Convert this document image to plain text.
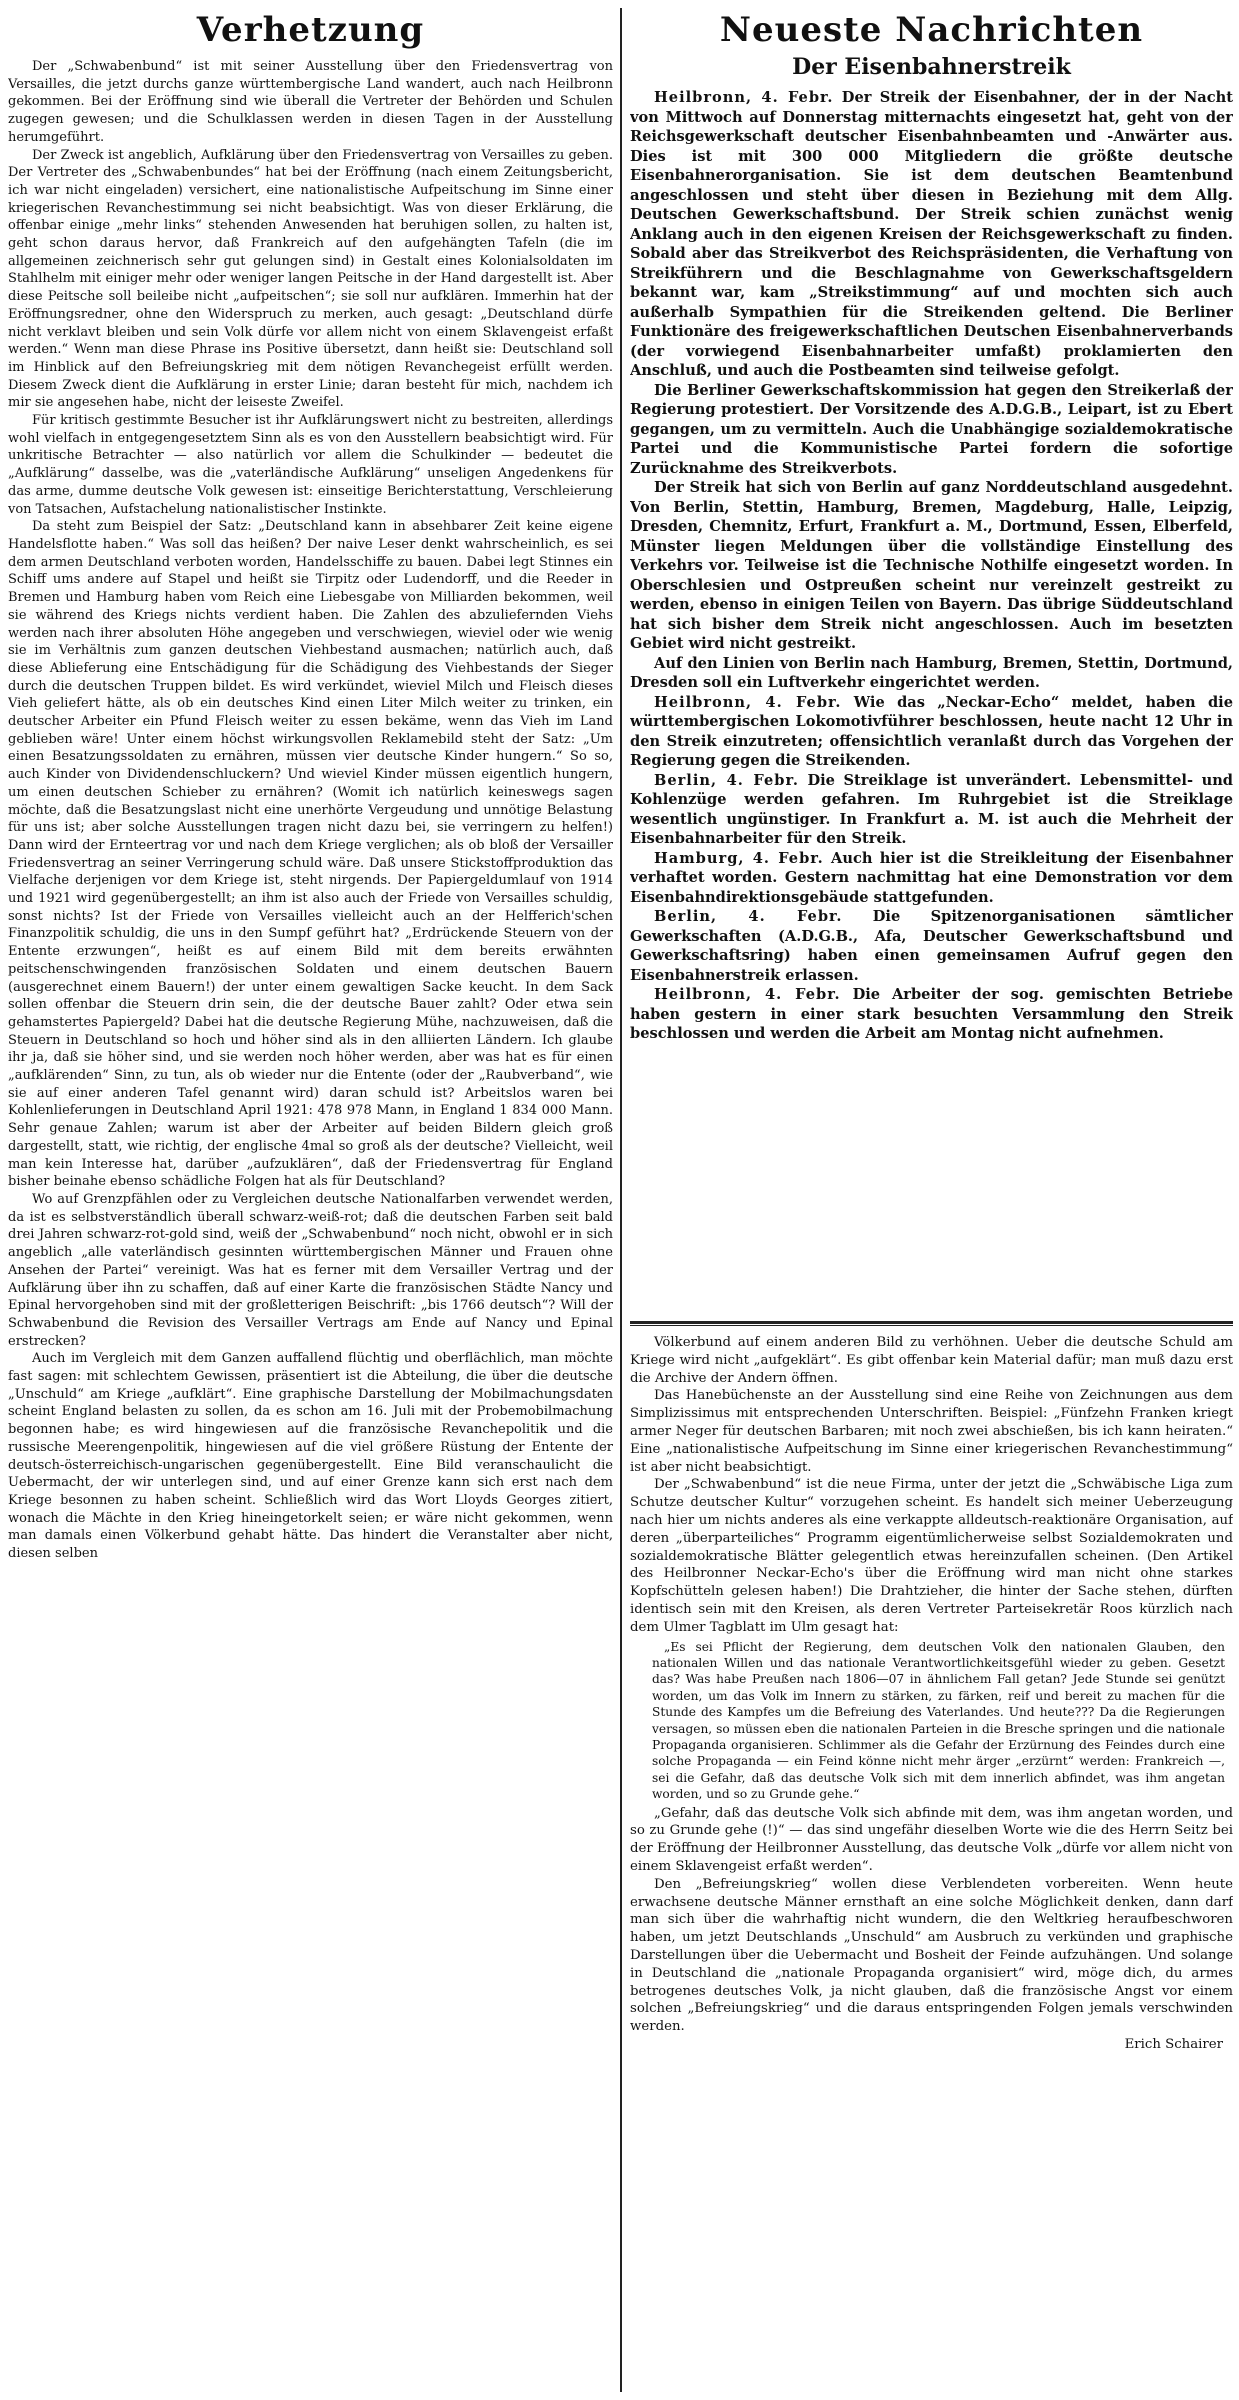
Verhetzung

Der „Schwabenbund“ ist mit seiner Ausstellung über den Friedensvertrag von Versailles, die jetzt durchs ganze württembergische Land wandert, auch nach Heilbronn gekommen. Bei der Eröffnung sind wie überall die Vertreter der Behörden und Schulen zugegen gewesen; und die Schulklassen werden in diesen Tagen in der Ausstellung herumgeführt.

Der Zweck ist angeblich, Aufklärung über den Friedensvertrag von Versailles zu geben. Der Vertreter des „Schwabenbundes“ hat bei der Eröffnung (nach einem Zeitungsbericht, ich war nicht eingeladen) versichert, eine nationalistische Aufpeitschung im Sinne einer kriegerischen Revanchestimmung sei nicht beabsichtigt. Was von dieser Erklärung, die offenbar einige „mehr links“ stehenden Anwesenden hat beruhigen sollen, zu halten ist, geht schon daraus hervor, daß Frankreich auf den aufgehängten Tafeln (die im allgemeinen zeichnerisch sehr gut gelungen sind) in Gestalt eines Kolonialsoldaten im Stahlhelm mit einiger mehr oder weniger langen Peitsche in der Hand dargestellt ist. Aber diese Peitsche soll beileibe nicht „aufpeitschen“; sie soll nur aufklären. Immerhin hat der Eröffnungsredner, ohne den Widerspruch zu merken, auch gesagt: „Deutschland dürfe nicht verklavt bleiben und sein Volk dürfe vor allem nicht von einem Sklavengeist erfaßt werden.“ Wenn man diese Phrase ins Positive übersetzt, dann heißt sie: Deutschland soll im Hinblick auf den Befreiungskrieg mit dem nötigen Revanchegeist erfüllt werden. Diesem Zweck dient die Aufklärung in erster Linie; daran besteht für mich, nachdem ich mir sie angesehen habe, nicht der leiseste Zweifel.

Für kritisch gestimmte Besucher ist ihr Aufklärungswert nicht zu bestreiten, allerdings wohl vielfach in entgegengesetztem Sinn als es von den Ausstellern beabsichtigt wird. Für unkritische Betrachter — also natürlich vor allem die Schulkinder — bedeutet die „Aufklärung“ dasselbe, was die „vaterländische Aufklärung“ unseligen Angedenkens für das arme, dumme deutsche Volk gewesen ist: einseitige Berichterstattung, Verschleierung von Tatsachen, Aufstachelung nationalistischer Instinkte.

Da steht zum Beispiel der Satz: „Deutschland kann in absehbarer Zeit keine eigene Handelsflotte haben.“ Was soll das heißen? Der naive Leser denkt wahrscheinlich, es sei dem armen Deutschland verboten worden, Handelsschiffe zu bauen. Dabei legt Stinnes ein Schiff ums andere auf Stapel und heißt sie Tirpitz oder Ludendorff, und die Reeder in Bremen und Hamburg haben vom Reich eine Liebesgabe von Milliarden bekommen, weil sie während des Kriegs nichts verdient haben. Die Zahlen des abzuliefernden Viehs werden nach ihrer absoluten Höhe angegeben und verschwiegen, wieviel oder wie wenig sie im Verhältnis zum ganzen deutschen Viehbestand ausmachen; natürlich auch, daß diese Ablieferung eine Entschädigung für die Schädigung des Viehbestands der Sieger durch die deutschen Truppen bildet. Es wird verkündet, wieviel Milch und Fleisch dieses Vieh geliefert hätte, als ob ein deutsches Kind einen Liter Milch weiter zu trinken, ein deutscher Arbeiter ein Pfund Fleisch weiter zu essen bekäme, wenn das Vieh im Land geblieben wäre! Unter einem höchst wirkungsvollen Reklamebild steht der Satz: „Um einen Besatzungssoldaten zu ernähren, müssen vier deutsche Kinder hungern.“ So so, auch Kinder von Dividendenschluckern? Und wieviel Kinder müssen eigentlich hungern, um einen deutschen Schieber zu ernähren? (Womit ich natürlich keineswegs sagen möchte, daß die Besatzungslast nicht eine unerhörte Vergeudung und unnötige Belastung für uns ist; aber solche Ausstellungen tragen nicht dazu bei, sie verringern zu helfen!) Dann wird der Ernteertrag vor und nach dem Kriege verglichen; als ob bloß der Versailler Friedensvertrag an seiner Verringerung schuld wäre. Daß unsere Stickstoffproduktion das Vielfache derjenigen vor dem Kriege ist, steht nirgends. Der Papiergeldumlauf von 1914 und 1921 wird gegenübergestellt; an ihm ist also auch der Friede von Versailles schuldig, sonst nichts? Ist der Friede von Versailles vielleicht auch an der Helfferich'schen Finanzpolitik schuldig, die uns in den Sumpf geführt hat? „Erdrückende Steuern von der Entente erzwungen“, heißt es auf einem Bild mit dem bereits erwähnten peitschenschwingenden französischen Soldaten und einem deutschen Bauern (ausgerechnet einem Bauern!) der unter einem gewaltigen Sacke keucht. In dem Sack sollen offenbar die Steuern drin sein, die der deutsche Bauer zahlt? Oder etwa sein gehamstertes Papiergeld? Dabei hat die deutsche Regierung Mühe, nachzuweisen, daß die Steuern in Deutschland so hoch und höher sind als in den alliierten Ländern. Ich glaube ihr ja, daß sie höher sind, und sie werden noch höher werden, aber was hat es für einen „aufklärenden“ Sinn, zu tun, als ob wieder nur die Entente (oder der „Raubverband“, wie sie auf einer anderen Tafel genannt wird) daran schuld ist? Arbeitslos waren bei Kohlenlieferungen in Deutschland April 1921: 478 978 Mann, in England 1 834 000 Mann. Sehr genaue Zahlen; warum ist aber der Arbeiter auf beiden Bildern gleich groß dargestellt, statt, wie richtig, der englische 4mal so groß als der deutsche? Vielleicht, weil man kein Interesse hat, darüber „aufzuklären“, daß der Friedensvertrag für England bisher beinahe ebenso schädliche Folgen hat als für Deutschland?

Wo auf Grenzpfählen oder zu Vergleichen deutsche Nationalfarben verwendet werden, da ist es selbstverständlich überall schwarz-weiß-rot; daß die deutschen Farben seit bald drei Jahren schwarz-rot-gold sind, weiß der „Schwabenbund“ noch nicht, obwohl er in sich angeblich „alle vaterländisch gesinnten württembergischen Männer und Frauen ohne Ansehen der Partei“ vereinigt. Was hat es ferner mit dem Versailler Vertrag und der Aufklärung über ihn zu schaffen, daß auf einer Karte die französischen Städte Nancy und Epinal hervorgehoben sind mit der großletterigen Beischrift: „bis 1766 deutsch“? Will der Schwabenbund die Revision des Versailler Vertrags am Ende auf Nancy und Epinal erstrecken?

Auch im Vergleich mit dem Ganzen auffallend flüchtig und oberflächlich, man möchte fast sagen: mit schlechtem Gewissen, präsentiert ist die Abteilung, die über die deutsche „Unschuld“ am Kriege „aufklärt“. Eine graphische Darstellung der Mobilmachungsdaten scheint England belasten zu sollen, da es schon am 16. Juli mit der Probemobilmachung begonnen habe; es wird hingewiesen auf die französische Revanchepolitik und die russische Meerengenpolitik, hingewiesen auf die viel größere Rüstung der Entente der deutsch-österreichisch-ungarischen gegenübergestellt. Eine Bild veranschaulicht die Uebermacht, der wir unterlegen sind, und auf einer Grenze kann sich erst nach dem Kriege besonnen zu haben scheint. Schließlich wird das Wort Lloyds Georges zitiert, wonach die Mächte in den Krieg hineingetorkelt seien; er wäre nicht gekommen, wenn man damals einen Völkerbund gehabt hätte. Das hindert die Veranstalter aber nicht, diesen selben

Neueste Nachrichten
Der Eisenbahnerstreik

Heilbronn, 4. Febr. Der Streik der Eisenbahner, der in der Nacht von Mittwoch auf Donnerstag mitternachts eingesetzt hat, geht von der Reichsgewerkschaft deutscher Eisenbahnbeamten und -Anwärter aus. Dies ist mit 300 000 Mitgliedern die größte deutsche Eisenbahnerorganisation. Sie ist dem deutschen Beamtenbund angeschlossen und steht über diesen in Beziehung mit dem Allg. Deutschen Gewerkschaftsbund. Der Streik schien zunächst wenig Anklang auch in den eigenen Kreisen der Reichsgewerkschaft zu finden. Sobald aber das Streikverbot des Reichspräsidenten, die Verhaftung von Streikführern und die Beschlagnahme von Gewerkschaftsgeldern bekannt war, kam „Streikstimmung“ auf und mochten sich auch außerhalb Sympathien für die Streikenden geltend. Die Berliner Funktionäre des freigewerkschaftlichen Deutschen Eisenbahnerverbands (der vorwiegend Eisenbahnarbeiter umfaßt) proklamierten den Anschluß, und auch die Postbeamten sind teilweise gefolgt.

Die Berliner Gewerkschaftskommission hat gegen den Streikerlaß der Regierung protestiert. Der Vorsitzende des A.D.G.B., Leipart, ist zu Ebert gegangen, um zu vermitteln. Auch die Unabhängige sozialdemokratische Partei und die Kommunistische Partei fordern die sofortige Zurücknahme des Streikverbots.

Der Streik hat sich von Berlin auf ganz Norddeutschland ausgedehnt. Von Berlin, Stettin, Hamburg, Bremen, Magdeburg, Halle, Leipzig, Dresden, Chemnitz, Erfurt, Frankfurt a. M., Dortmund, Essen, Elberfeld, Münster liegen Meldungen über die vollständige Einstellung des Verkehrs vor. Teilweise ist die Technische Nothilfe eingesetzt worden. In Oberschlesien und Ostpreußen scheint nur vereinzelt gestreikt zu werden, ebenso in einigen Teilen von Bayern. Das übrige Süddeutschland hat sich bisher dem Streik nicht angeschlossen. Auch im besetzten Gebiet wird nicht gestreikt.

Auf den Linien von Berlin nach Hamburg, Bremen, Stettin, Dortmund, Dresden soll ein Luftverkehr eingerichtet werden.

Heilbronn, 4. Febr. Wie das „Neckar-Echo“ meldet, haben die württembergischen Lokomotivführer beschlossen, heute nacht 12 Uhr in den Streik einzutreten; offensichtlich veranlaßt durch das Vorgehen der Regierung gegen die Streikenden.

Berlin, 4. Febr. Die Streiklage ist unverändert. Lebensmittel- und Kohlenzüge werden gefahren. Im Ruhrgebiet ist die Streiklage wesentlich ungünstiger. In Frankfurt a. M. ist auch die Mehrheit der Eisenbahnarbeiter für den Streik.

Hamburg, 4. Febr. Auch hier ist die Streikleitung der Eisenbahner verhaftet worden. Gestern nachmittag hat eine Demonstration vor dem Eisenbahndirektionsgebäude stattgefunden.

Berlin, 4. Febr. Die Spitzenorganisationen sämtlicher Gewerkschaften (A.D.G.B., Afa, Deutscher Gewerkschaftsbund und Gewerkschaftsring) haben einen gemeinsamen Aufruf gegen den Eisenbahnerstreik erlassen.

Heilbronn, 4. Febr. Die Arbeiter der sog. gemischten Betriebe haben gestern in einer stark besuchten Versammlung den Streik beschlossen und werden die Arbeit am Montag nicht aufnehmen.

Völkerbund auf einem anderen Bild zu verhöhnen. Ueber die deutsche Schuld am Kriege wird nicht „aufgeklärt“. Es gibt offenbar kein Material dafür; man muß dazu erst die Archive der Andern öffnen.

Das Hanebüchenste an der Ausstellung sind eine Reihe von Zeichnungen aus dem Simplizissimus mit entsprechenden Unterschriften. Beispiel: „Fünfzehn Franken kriegt armer Neger für deutschen Barbaren; mit noch zwei abschießen, bis ich kann heiraten.“ Eine „nationalistische Aufpeitschung im Sinne einer kriegerischen Revanchestimmung“ ist aber nicht beabsichtigt.

Der „Schwabenbund“ ist die neue Firma, unter der jetzt die „Schwäbische Liga zum Schutze deutscher Kultur“ vorzugehen scheint. Es handelt sich meiner Ueberzeugung nach hier um nichts anderes als eine verkappte alldeutsch-reaktionäre Organisation, auf deren „überparteiliches“ Programm eigentümlicherweise selbst Sozialdemokraten und sozialdemokratische Blätter gelegentlich etwas hereinzufallen scheinen. (Den Artikel des Heilbronner Neckar-Echo's über die Eröffnung wird man nicht ohne starkes Kopfschütteln gelesen haben!) Die Drahtzieher, die hinter der Sache stehen, dürften identisch sein mit den Kreisen, als deren Vertreter Parteisekretär Roos kürzlich nach dem Ulmer Tagblatt im Ulm gesagt hat:

„Es sei Pflicht der Regierung, dem deutschen Volk den nationalen Glauben, den nationalen Willen und das nationale Verantwortlichkeitsgefühl wieder zu geben. Gesetzt das? Was habe Preußen nach 1806—07 in ähnlichem Fall getan? Jede Stunde sei genützt worden, um das Volk im Innern zu stärken, zu färken, reif und bereit zu machen für die Stunde des Kampfes um die Befreiung des Vaterlandes. Und heute??? Da die Regierungen versagen, so müssen eben die nationalen Parteien in die Bresche springen und die nationale Propaganda organisieren. Schlimmer als die Gefahr der Erzürnung des Feindes durch eine solche Propaganda — ein Feind könne nicht mehr ärger „erzürnt“ werden: Frankreich —, sei die Gefahr, daß das deutsche Volk sich mit dem innerlich abfindet, was ihm angetan worden, und so zu Grunde gehe.“

„Gefahr, daß das deutsche Volk sich abfinde mit dem, was ihm angetan worden, und so zu Grunde gehe (!)“ — das sind ungefähr dieselben Worte wie die des Herrn Seitz bei der Eröffnung der Heilbronner Ausstellung, das deutsche Volk „dürfe vor allem nicht von einem Sklavengeist erfaßt werden“.

Den „Befreiungskrieg“ wollen diese Verblendeten vorbereiten. Wenn heute erwachsene deutsche Männer ernsthaft an eine solche Möglichkeit denken, dann darf man sich über die wahrhaftig nicht wundern, die den Weltkrieg heraufbeschworen haben, um jetzt Deutschlands „Unschuld“ am Ausbruch zu verkünden und graphische Darstellungen über die Uebermacht und Bosheit der Feinde aufzuhängen. Und solange in Deutschland die „nationale Propaganda organisiert“ wird, möge dich, du armes betrogenes deutsches Volk, ja nicht glauben, daß die französische Angst vor einem solchen „Befreiungskrieg“ und die daraus entspringenden Folgen jemals verschwinden werden.

Erich Schairer
